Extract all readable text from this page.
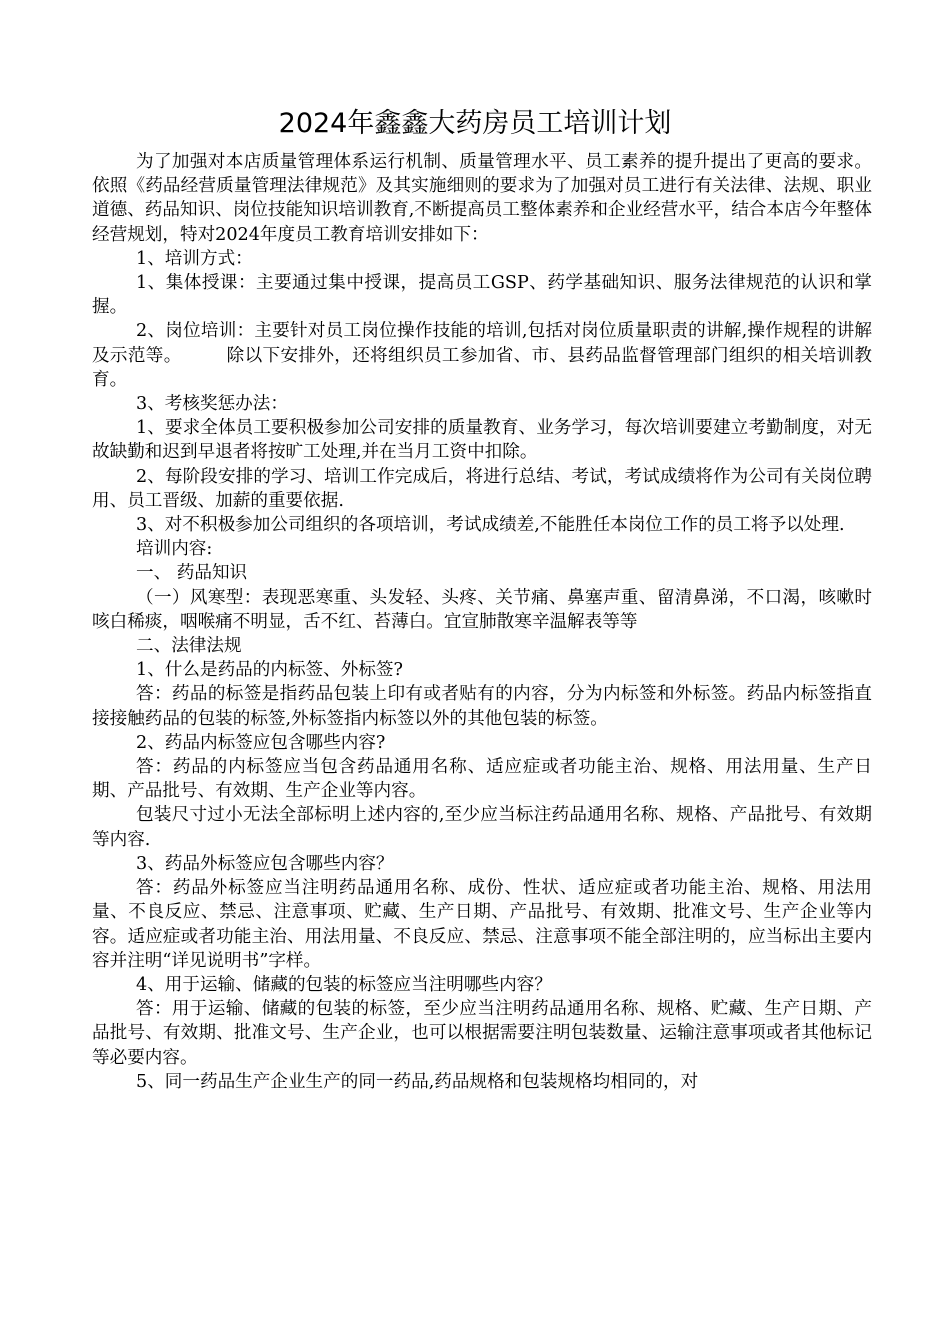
2024年鑫鑫大药房员工培训计划

为了加强对本店质量管理体系运行机制、质量管理水平、员工素养的提升提出了更高的要求。依照《药品经营质量管理法律规范》及其实施细则的要求为了加强对员工进行有关法律、法规、职业道德、药品知识、岗位技能知识培训教育,不断提高员工整体素养和企业经营水平，结合本店今年整体经营规划，特对2024年度员工教育培训安排如下：

1、培训方式：

1、集体授课：主要通过集中授课，提高员工GSP、药学基础知识、服务法律规范的认识和掌握。

2、岗位培训：主要针对员工岗位操作技能的培训,包括对岗位质量职责的讲解,操作规程的讲解及示范等。　　　除以下安排外，还将组织员工参加省、市、县药品监督管理部门组织的相关培训教育。

3、考核奖惩办法：

1、要求全体员工要积极参加公司安排的质量教育、业务学习，每次培训要建立考勤制度，对无故缺勤和迟到早退者将按旷工处理,并在当月工资中扣除。

2、每阶段安排的学习、培训工作完成后，将进行总结、考试，考试成绩将作为公司有关岗位聘用、员工晋级、加薪的重要依据.

3、对不积极参加公司组织的各项培训，考试成绩差,不能胜任本岗位工作的员工将予以处理.

培训内容:

一、 药品知识

（一）风寒型：表现恶寒重、头发轻、头疼、关节痛、鼻塞声重、留清鼻涕，不口渴，咳嗽时咳白稀痰，咽喉痛不明显，舌不红、苔薄白。宜宣肺散寒辛温解表等等

二、法律法规

1、什么是药品的内标签、外标签?

答：药品的标签是指药品包装上印有或者贴有的内容，分为内标签和外标签。药品内标签指直接接触药品的包装的标签,外标签指内标签以外的其他包装的标签。

2、药品内标签应包含哪些内容?

答：药品的内标签应当包含药品通用名称、适应症或者功能主治、规格、用法用量、生产日期、产品批号、有效期、生产企业等内容。

包装尺寸过小无法全部标明上述内容的,至少应当标注药品通用名称、规格、产品批号、有效期等内容.

3、药品外标签应包含哪些内容？

答：药品外标签应当注明药品通用名称、成份、性状、适应症或者功能主治、规格、用法用量、不良反应、禁忌、注意事项、贮藏、生产日期、产品批号、有效期、批准文号、生产企业等内容。适应症或者功能主治、用法用量、不良反应、禁忌、注意事项不能全部注明的，应当标出主要内容并注明“详见说明书”字样。

4、用于运输、储藏的包装的标签应当注明哪些内容？

答：用于运输、储藏的包装的标签，至少应当注明药品通用名称、规格、贮藏、生产日期、产品批号、有效期、批准文号、生产企业，也可以根据需要注明包装数量、运输注意事项或者其他标记等必要内容。

5、同一药品生产企业生产的同一药品,药品规格和包装规格均相同的，对
